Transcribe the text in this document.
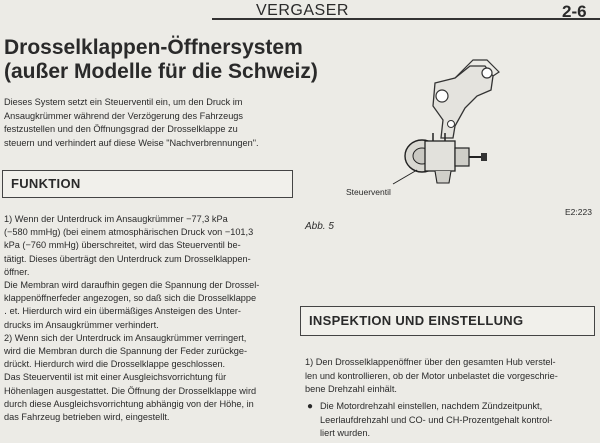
VERGASER	2-6
Drosselklappen-Öffnersystem
(außer Modelle für die Schweiz)
Dieses System setzt ein Steuerventil ein, um den Druck im
Ansaugkrümmer während der Verzögerung des Fahrzeugs
festzustellen und den Öffnungsgrad der Drosselklappe zu
steuern und verhindert auf diese Weise "Nachverbrennungen".
FUNKTION
1) Wenn der Unterdruck im Ansaugkrümmer −77,3 kPa
(−580 mmHg) (bei einem atmosphärischen Druck von −101,3
kPa (−760 mmHg) überschreitet, wird das Steuerventil be-
tätigt. Dieses überträgt den Unterdruck zum Drosselklappen-
öffner.
Die Membran wird daraufhin gegen die Spannung der Drossel-
klappenöffnerfeder angezogen, so daß sich die Drosselklappe
․ et. Hierdurch wird ein übermäßiges Ansteigen des Unter-
drucks im Ansaugkrümmer verhindert.
2) Wenn sich der Unterdruck im Ansaugkrümmer verringert,
wird die Membran durch die Spannung der Feder zurückge-
drückt. Hierdurch wird die Drosselklappe geschlossen.
Das Steuerventil ist mit einer Ausgleichsvorrichtung für
Höhenlagen ausgestattet. Die Öffnung der Drosselklappe wird
durch diese Ausgleichsvorrichtung abhängig von der Höhe, in
das Fahrzeug betrieben wird, eingestellt.
Steuerventil
E2:223
Abb. 5
INSPEKTION UND EINSTELLUNG
1) Den Drosselklappenöffner über den gesamten Hub verstel-
len und kontrollieren, ob der Motor unbelastet die vorgeschrie-
bene Drehzahl einhält.
● Die Motordrehzahl einstellen, nachdem Zündzeitpunkt,
Leerlaufdrehzahl und CO- und CH-Prozentgehalt kontrol-
liert wurden.
